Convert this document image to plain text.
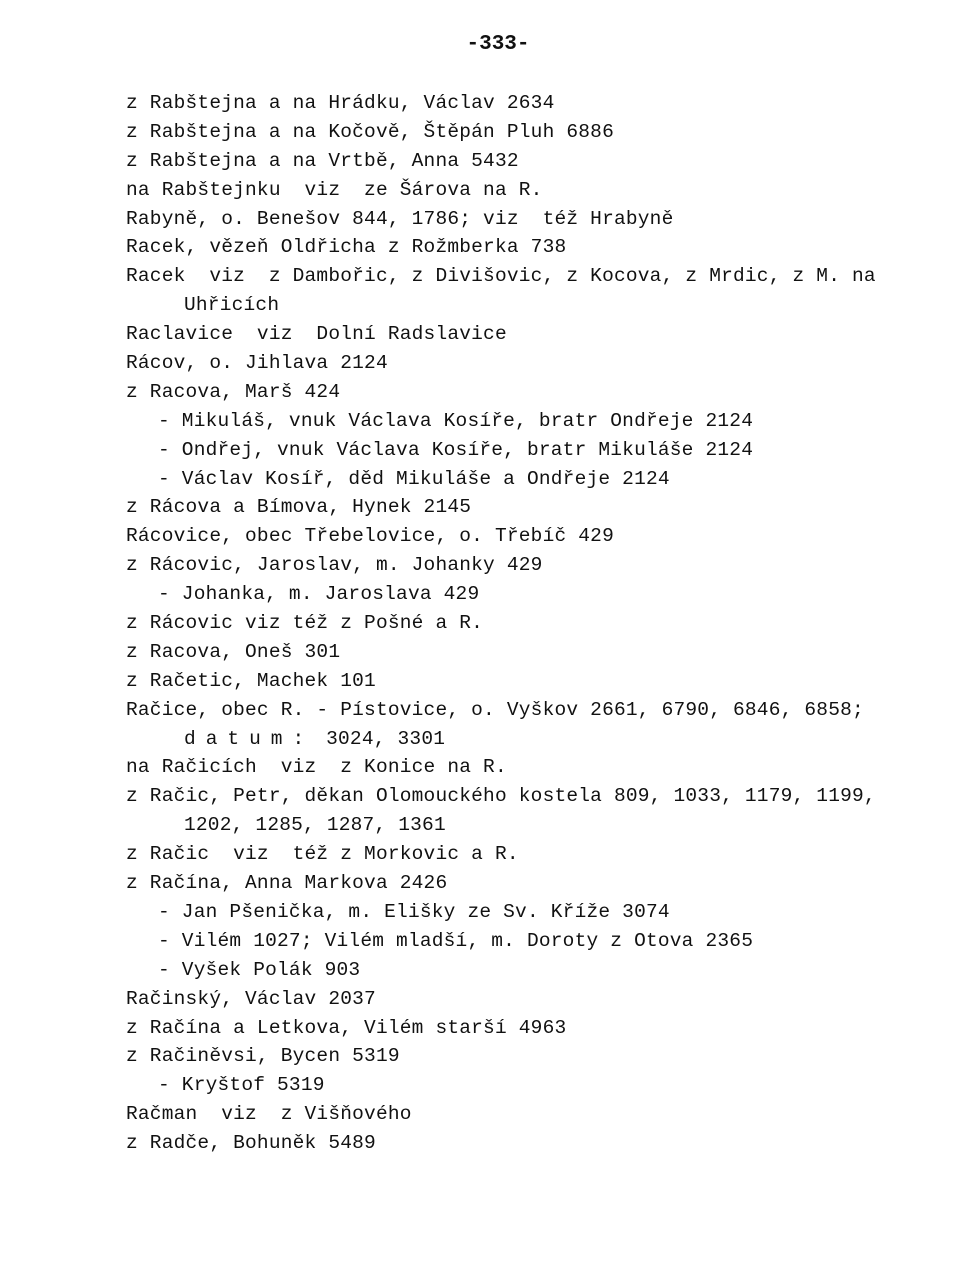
-333-
z Rabštejna a na Hrádku, Václav 2634
z Rabštejna a na Kočově, Štěpán Pluh 6886
z Rabštejna a na Vrtbě, Anna 5432
na Rabštejnku  viz  ze Šárova na R.
Rabyně, o. Benešov 844, 1786; viz  též Hrabyně
Racek, vězeň Oldřicha z Rožmberka 738
Racek  viz  z Dambořic, z Divišovic, z Kocova, z Mrdic, z M. na
Uhřicích
Raclavice  viz  Dolní Radslavice
Rácov, o. Jihlava 2124
z Racova, Marš 424
- Mikuláš, vnuk Václava Kosíře, bratr Ondřeje 2124
- Ondřej, vnuk Václava Kosíře, bratr Mikuláše 2124
- Václav Kosíř, děd Mikuláše a Ondřeje 2124
z Rácova a Bímova, Hynek 2145
Rácovice, obec Třebelovice, o. Třebíč 429
z Rácovic, Jaroslav, m. Johanky 429
- Johanka, m. Jaroslava 429
z Rácovic viz též z Pošné a R.
z Racova, Oneš 301
z Račetic, Machek 101
Račice, obec R. - Pístovice, o. Vyškov 2661, 6790, 6846, 6858;
datum: 3024, 3301
na Račicích  viz  z Konice na R.
z Račic, Petr, děkan Olomouckého kostela 809, 1033, 1179, 1199,
1202, 1285, 1287, 1361
z Račic  viz  též z Morkovic a R.
z Račína, Anna Markova 2426
- Jan Pšenička, m. Elišky ze Sv. Kříže 3074
- Vilém 1027; Vilém mladší, m. Doroty z Otova 2365
- Vyšek Polák 903
Račinský, Václav 2037
z Račína a Letkova, Vilém starší 4963
z Račiněvsi, Bycen 5319
- Kryštof 5319
Račman  viz  z Višňového
z Radče, Bohuněk 5489
